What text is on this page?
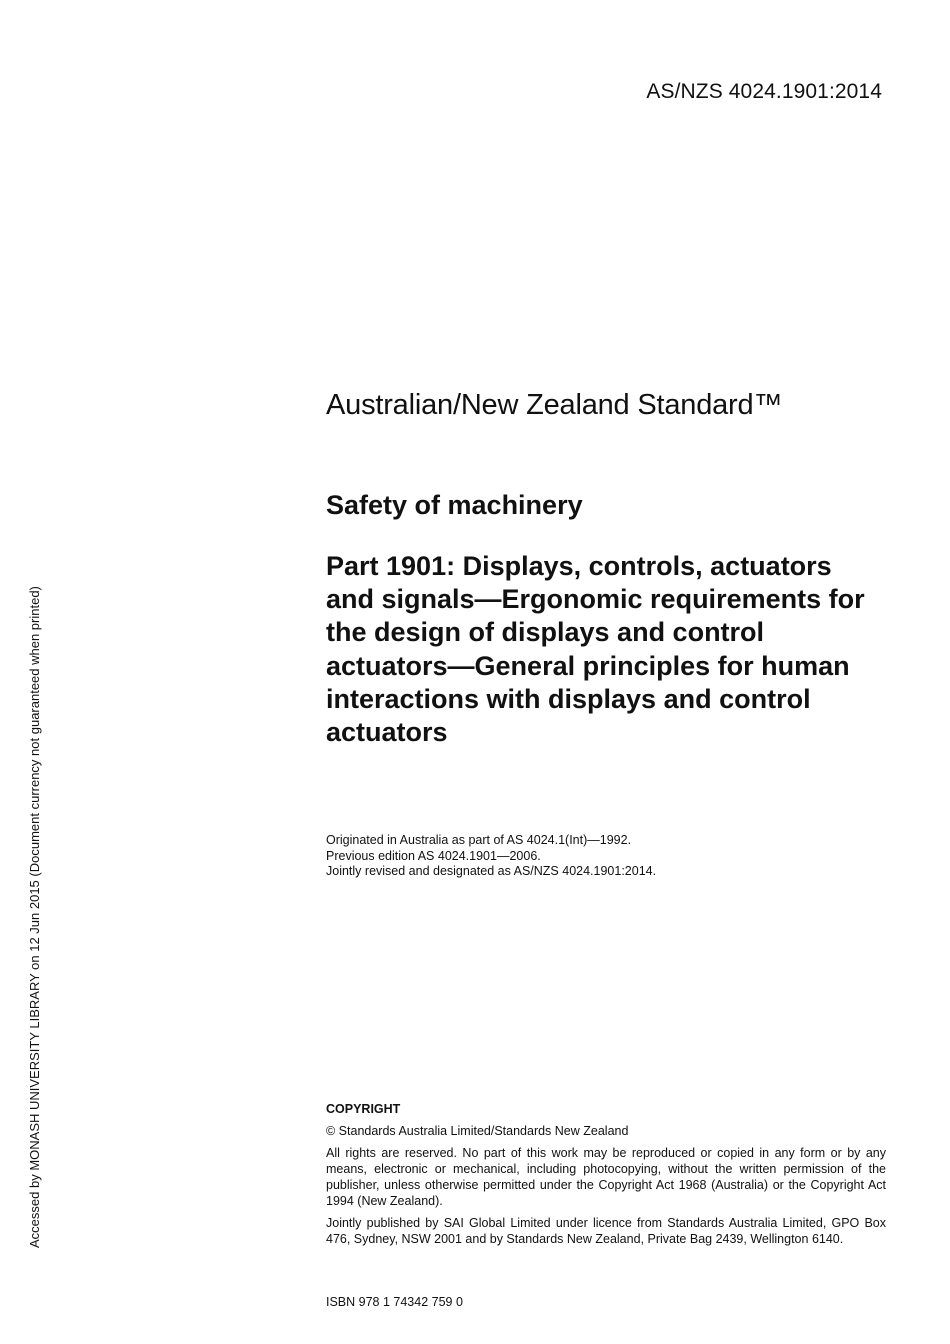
AS/NZS 4024.1901:2014
Accessed by MONASH UNIVERSITY LIBRARY on 12 Jun 2015 (Document currency not guaranteed when printed)
Australian/New Zealand Standard™
Safety of machinery
Part 1901: Displays, controls, actuators and signals—Ergonomic requirements for the design of displays and control actuators—General principles for human interactions with displays and control actuators
Originated in Australia as part of AS 4024.1(Int)—1992.
Previous edition AS 4024.1901—2006.
Jointly revised and designated as AS/NZS 4024.1901:2014.
COPYRIGHT

© Standards Australia Limited/Standards New Zealand

All rights are reserved. No part of this work may be reproduced or copied in any form or by any means, electronic or mechanical, including photocopying, without the written permission of the publisher, unless otherwise permitted under the Copyright Act 1968 (Australia) or the Copyright Act 1994 (New Zealand).

Jointly published by SAI Global Limited under licence from Standards Australia Limited, GPO Box 476, Sydney, NSW 2001 and by Standards New Zealand, Private Bag 2439, Wellington 6140.

ISBN 978 1 74342 759 0
